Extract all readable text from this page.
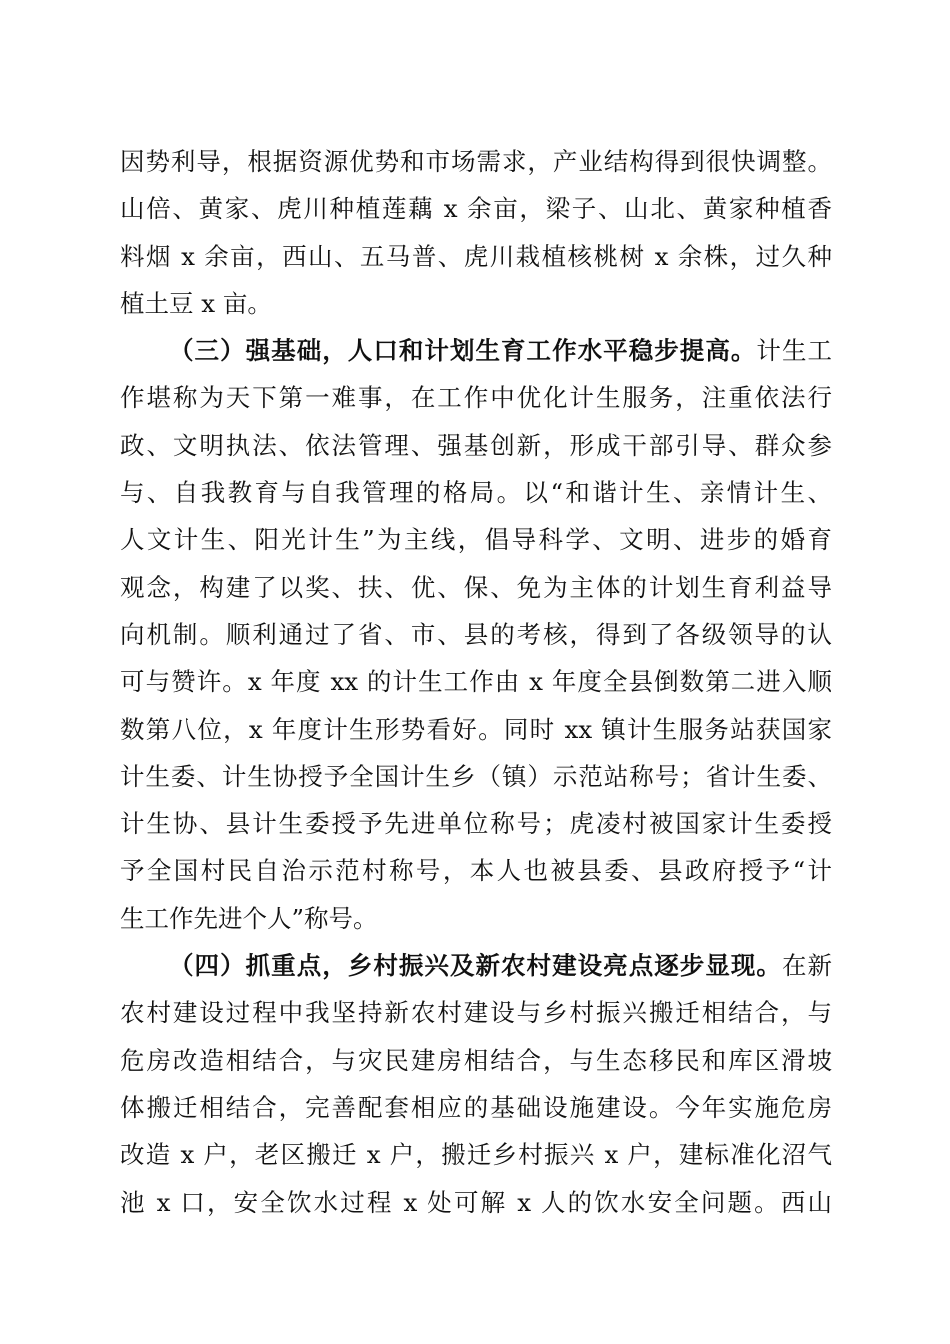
因势利导，根据资源优势和市场需求，产业结构得到很快调整。
山倍、黄家、虎川种植莲藕 x 余亩，梁子、山北、黄家种植香
料烟 x 余亩，西山、五马普、虎川栽植核桃树 x 余株，过久种
植土豆 x 亩。
（三）强基础，人口和计划生育工作水平稳步提高。计生工
作堪称为天下第一难事，在工作中优化计生服务，注重依法行
政、文明执法、依法管理、强基创新，形成干部引导、群众参
与、自我教育与自我管理的格局。以“和谐计生、亲情计生、
人文计生、阳光计生”为主线，倡导科学、文明、进步的婚育
观念，构建了以奖、扶、优、保、免为主体的计划生育利益导
向机制。顺利通过了省、市、县的考核，得到了各级领导的认
可与赞许。x 年度 xx 的计生工作由 x 年度全县倒数第二进入顺
数第八位，x 年度计生形势看好。同时 xx 镇计生服务站获国家
计生委、计生协授予全国计生乡（镇）示范站称号；省计生委、
计生协、县计生委授予先进单位称号；虎凌村被国家计生委授
予全国村民自治示范村称号，本人也被县委、县政府授予“计
生工作先进个人”称号。
（四）抓重点，乡村振兴及新农村建设亮点逐步显现。在新
农村建设过程中我坚持新农村建设与乡村振兴搬迁相结合，与
危房改造相结合，与灾民建房相结合，与生态移民和库区滑坡
体搬迁相结合，完善配套相应的基础设施建设。今年实施危房
改造 x 户，老区搬迁 x 户，搬迁乡村振兴 x 户，建标准化沼气
池 x 口，安全饮水过程 x 处可解 x 人的饮水安全问题。西山
